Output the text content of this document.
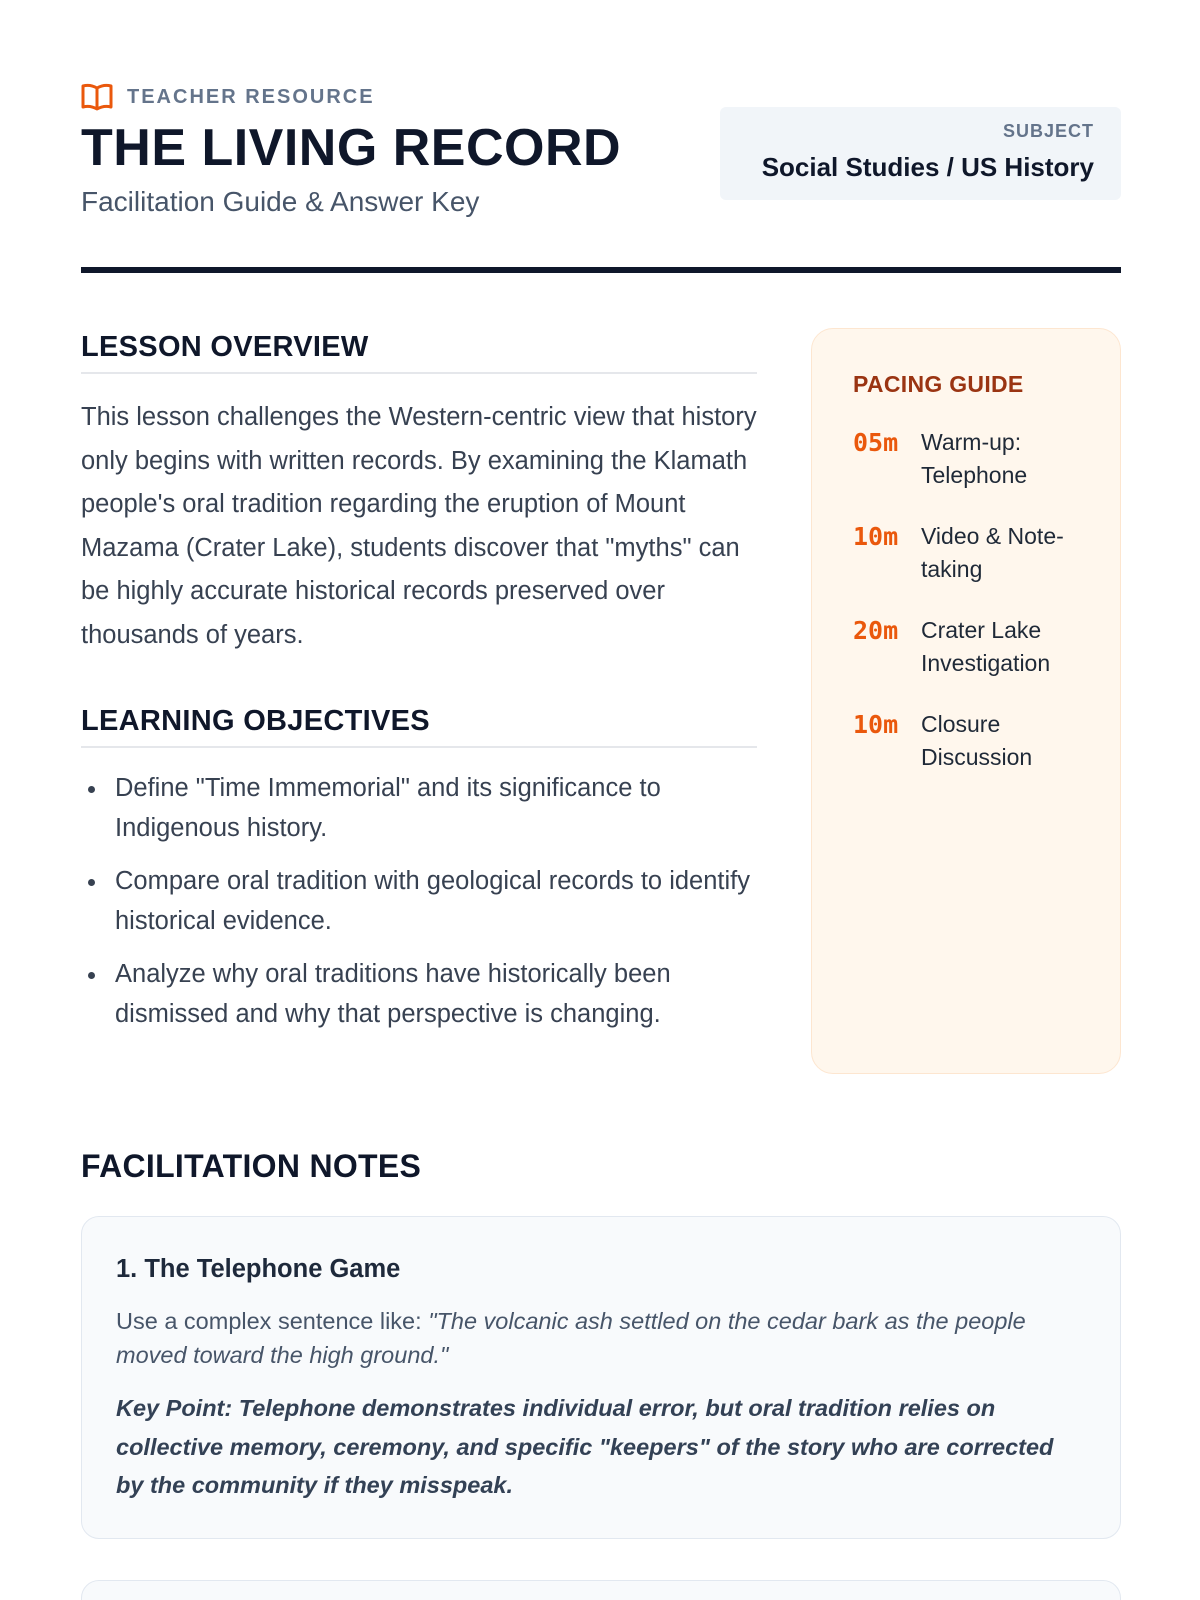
TEACHER RESOURCE
THE LIVING RECORD
Facilitation Guide & Answer Key
SUBJECT
Social Studies / US History
LESSON OVERVIEW

This lesson challenges the Western-centric view that history only begins with written records. By examining the Klamath people's oral tradition regarding the eruption of Mount Mazama (Crater Lake), students discover that "myths" can be highly accurate historical records preserved over thousands of years.

LEARNING OBJECTIVES
Define "Time Immemorial" and its significance to Indigenous history.
Compare oral tradition with geological records to identify historical evidence.
Analyze why oral traditions have historically been dismissed and why that perspective is changing.
PACING GUIDE
05m Warm-up: Telephone
10m Video & Note-taking
20m Crater Lake Investigation
10m Closure Discussion
FACILITATION NOTES
1. The Telephone Game

Use a complex sentence like: "The volcanic ash settled on the cedar bark as the people moved toward the high ground."

Key Point: Telephone demonstrates individual error, but oral tradition relies on collective memory, ceremony, and specific "keepers" of the story who are corrected by the community if they misspeak.
